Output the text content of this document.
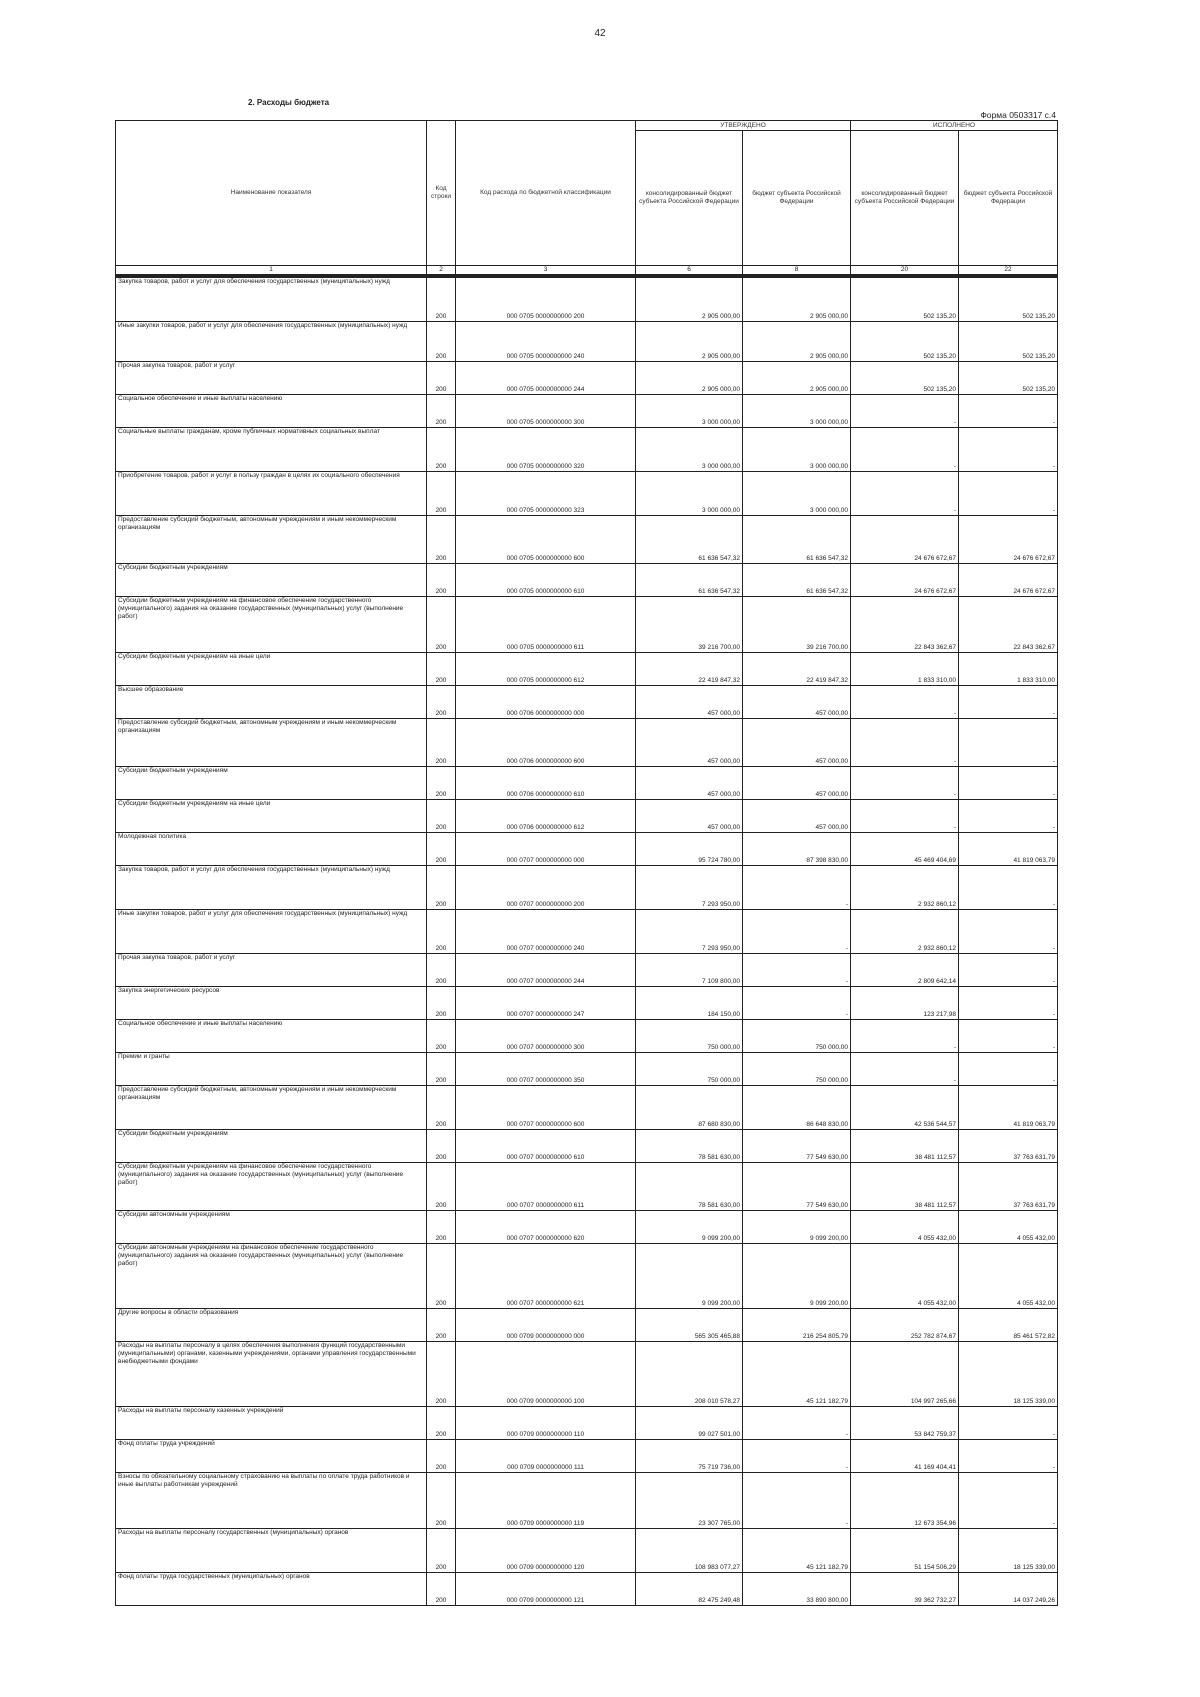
42
2. Расходы бюджета
Форма 0503317 с.4
Наименование показателя	Код строки	Код расхода по бюджетной классификации	УТВЕРЖДЕНО		ИСПОЛНЕНО	
			консолидированный бюджет субъекта Российской Федерации	бюджет субъекта Российской Федерации	консолидированный бюджет субъекта Российской Федерации	бюджет субъекта Российской Федерации
1	2	3	6	8	20	22

Закупка товаров, работ и услуг для обеспечения государственных (муниципальных) нужд	200	000 0705 0000000000 200	2 905 000,00	2 905 000,00	502 135,20	502 135,20
Иные закупки товаров, работ и услуг для обеспечения государственных (муниципальных) нужд	200	000 0705 0000000000 240	2 905 000,00	2 905 000,00	502 135,20	502 135,20
Прочая закупка товаров, работ и услуг	200	000 0705 0000000000 244	2 905 000,00	2 905 000,00	502 135,20	502 135,20
Социальное обеспечение и иные выплаты населению	200	000 0705 0000000000 300	3 000 000,00	3 000 000,00	-	-
Социальные выплаты гражданам, кроме публичных нормативных социальных выплат	200	000 0705 0000000000 320	3 000 000,00	3 000 000,00	-	-
Приобретение товаров, работ и услуг в пользу граждан в целях их социального обеспечения	200	000 0705 0000000000 323	3 000 000,00	3 000 000,00	-	-
Предоставление субсидий бюджетным, автономным учреждениям и иным некоммерческим организациям	200	000 0705 0000000000 600	61 636 547,32	61 636 547,32	24 676 672,67	24 676 672,67
Субсидии бюджетным учреждениям	200	000 0705 0000000000 610	61 636 547,32	61 636 547,32	24 676 672,67	24 676 672,67
Субсидии бюджетным учреждениям на финансовое обеспечение государственного (муниципального) задания на оказание государственных (муниципальных) услуг (выполнение работ)	200	000 0705 0000000000 611	39 216 700,00	39 216 700,00	22 843 362,67	22 843 362,67
Субсидии бюджетным учреждениям на иные цели	200	000 0705 0000000000 612	22 419 847,32	22 419 847,32	1 833 310,00	1 833 310,00
Высшее образование	200	000 0706 0000000000 000	457 000,00	457 000,00	-	-
Предоставление субсидий бюджетным, автономным учреждениям и иным некоммерческим организациям	200	000 0706 0000000000 600	457 000,00	457 000,00	-	-
Субсидии бюджетным учреждениям	200	000 0706 0000000000 610	457 000,00	457 000,00	-	-
Субсидии бюджетным учреждениям на иные цели	200	000 0706 0000000000 612	457 000,00	457 000,00	-	-
Молодежная политика	200	000 0707 0000000000 000	95 724 780,00	87 398 830,00	45 469 404,69	41 819 063,79
Закупка товаров, работ и услуг для обеспечения государственных (муниципальных) нужд	200	000 0707 0000000000 200	7 293 950,00	-	2 932 860,12	-
Иные закупки товаров, работ и услуг для обеспечения государственных (муниципальных) нужд	200	000 0707 0000000000 240	7 293 950,00	-	2 932 860,12	-
Прочая закупка товаров, работ и услуг	200	000 0707 0000000000 244	7 109 800,00	-	2 809 642,14	-
Закупка энергетических ресурсов	200	000 0707 0000000000 247	184 150,00	-	123 217,98	-
Социальное обеспечение и иные выплаты населению	200	000 0707 0000000000 300	750 000,00	750 000,00	-	-
Премии и гранты	200	000 0707 0000000000 350	750 000,00	750 000,00	-	-
Предоставление субсидий бюджетным, автономным учреждениям и иным некоммерческим организациям	200	000 0707 0000000000 600	87 680 830,00	86 648 830,00	42 536 544,57	41 819 063,79
Субсидии бюджетным учреждениям	200	000 0707 0000000000 610	78 581 630,00	77 549 630,00	38 481 112,57	37 763 631,79
Субсидии бюджетным учреждениям на финансовое обеспечение государственного (муниципального) задания на оказание государственных (муниципальных) услуг (выполнение работ)	200	000 0707 0000000000 611	78 581 630,00	77 549 630,00	38 481 112,57	37 763 631,79
Субсидии автономным учреждениям	200	000 0707 0000000000 620	9 099 200,00	9 099 200,00	4 055 432,00	4 055 432,00
Субсидии автономным учреждениям на финансовое обеспечение государственного (муниципального) задания на оказание государственных (муниципальных) услуг (выполнение работ)	200	000 0707 0000000000 621	9 099 200,00	9 099 200,00	4 055 432,00	4 055 432,00
Другие вопросы в области образования	200	000 0709 0000000000 000	565 305 465,88	216 254 805,79	252 782 874,67	85 461 572,82
Расходы на выплаты персоналу в целях обеспечения выполнения функций государственными (муниципальными) органами, казенными учреждениями, органами управления государственными внебюджетными фондами	200	000 0709 0000000000 100	208 010 578,27	45 121 182,79	104 997 265,66	18 125 339,00
Расходы на выплаты персоналу казенных учреждений	200	000 0709 0000000000 110	99 027 501,00	-	53 842 759,37	-
Фонд оплаты труда учреждений	200	000 0709 0000000000 111	75 719 736,00	-	41 169 404,41	-
Взносы по обязательному социальному страхованию на выплаты по оплате труда работников и иные выплаты работникам учреждений	200	000 0709 0000000000 119	23 307 765,00	-	12 673 354,96	-
Расходы на выплаты персоналу государственных (муниципальных) органов	200	000 0709 0000000000 120	108 983 077,27	45 121 182,79	51 154 506,29	18 125 339,00
Фонд оплаты труда государственных (муниципальных) органов	200	000 0709 0000000000 121	82 475 249,48	33 890 800,00	39 362 732,27	14 037 249,26
